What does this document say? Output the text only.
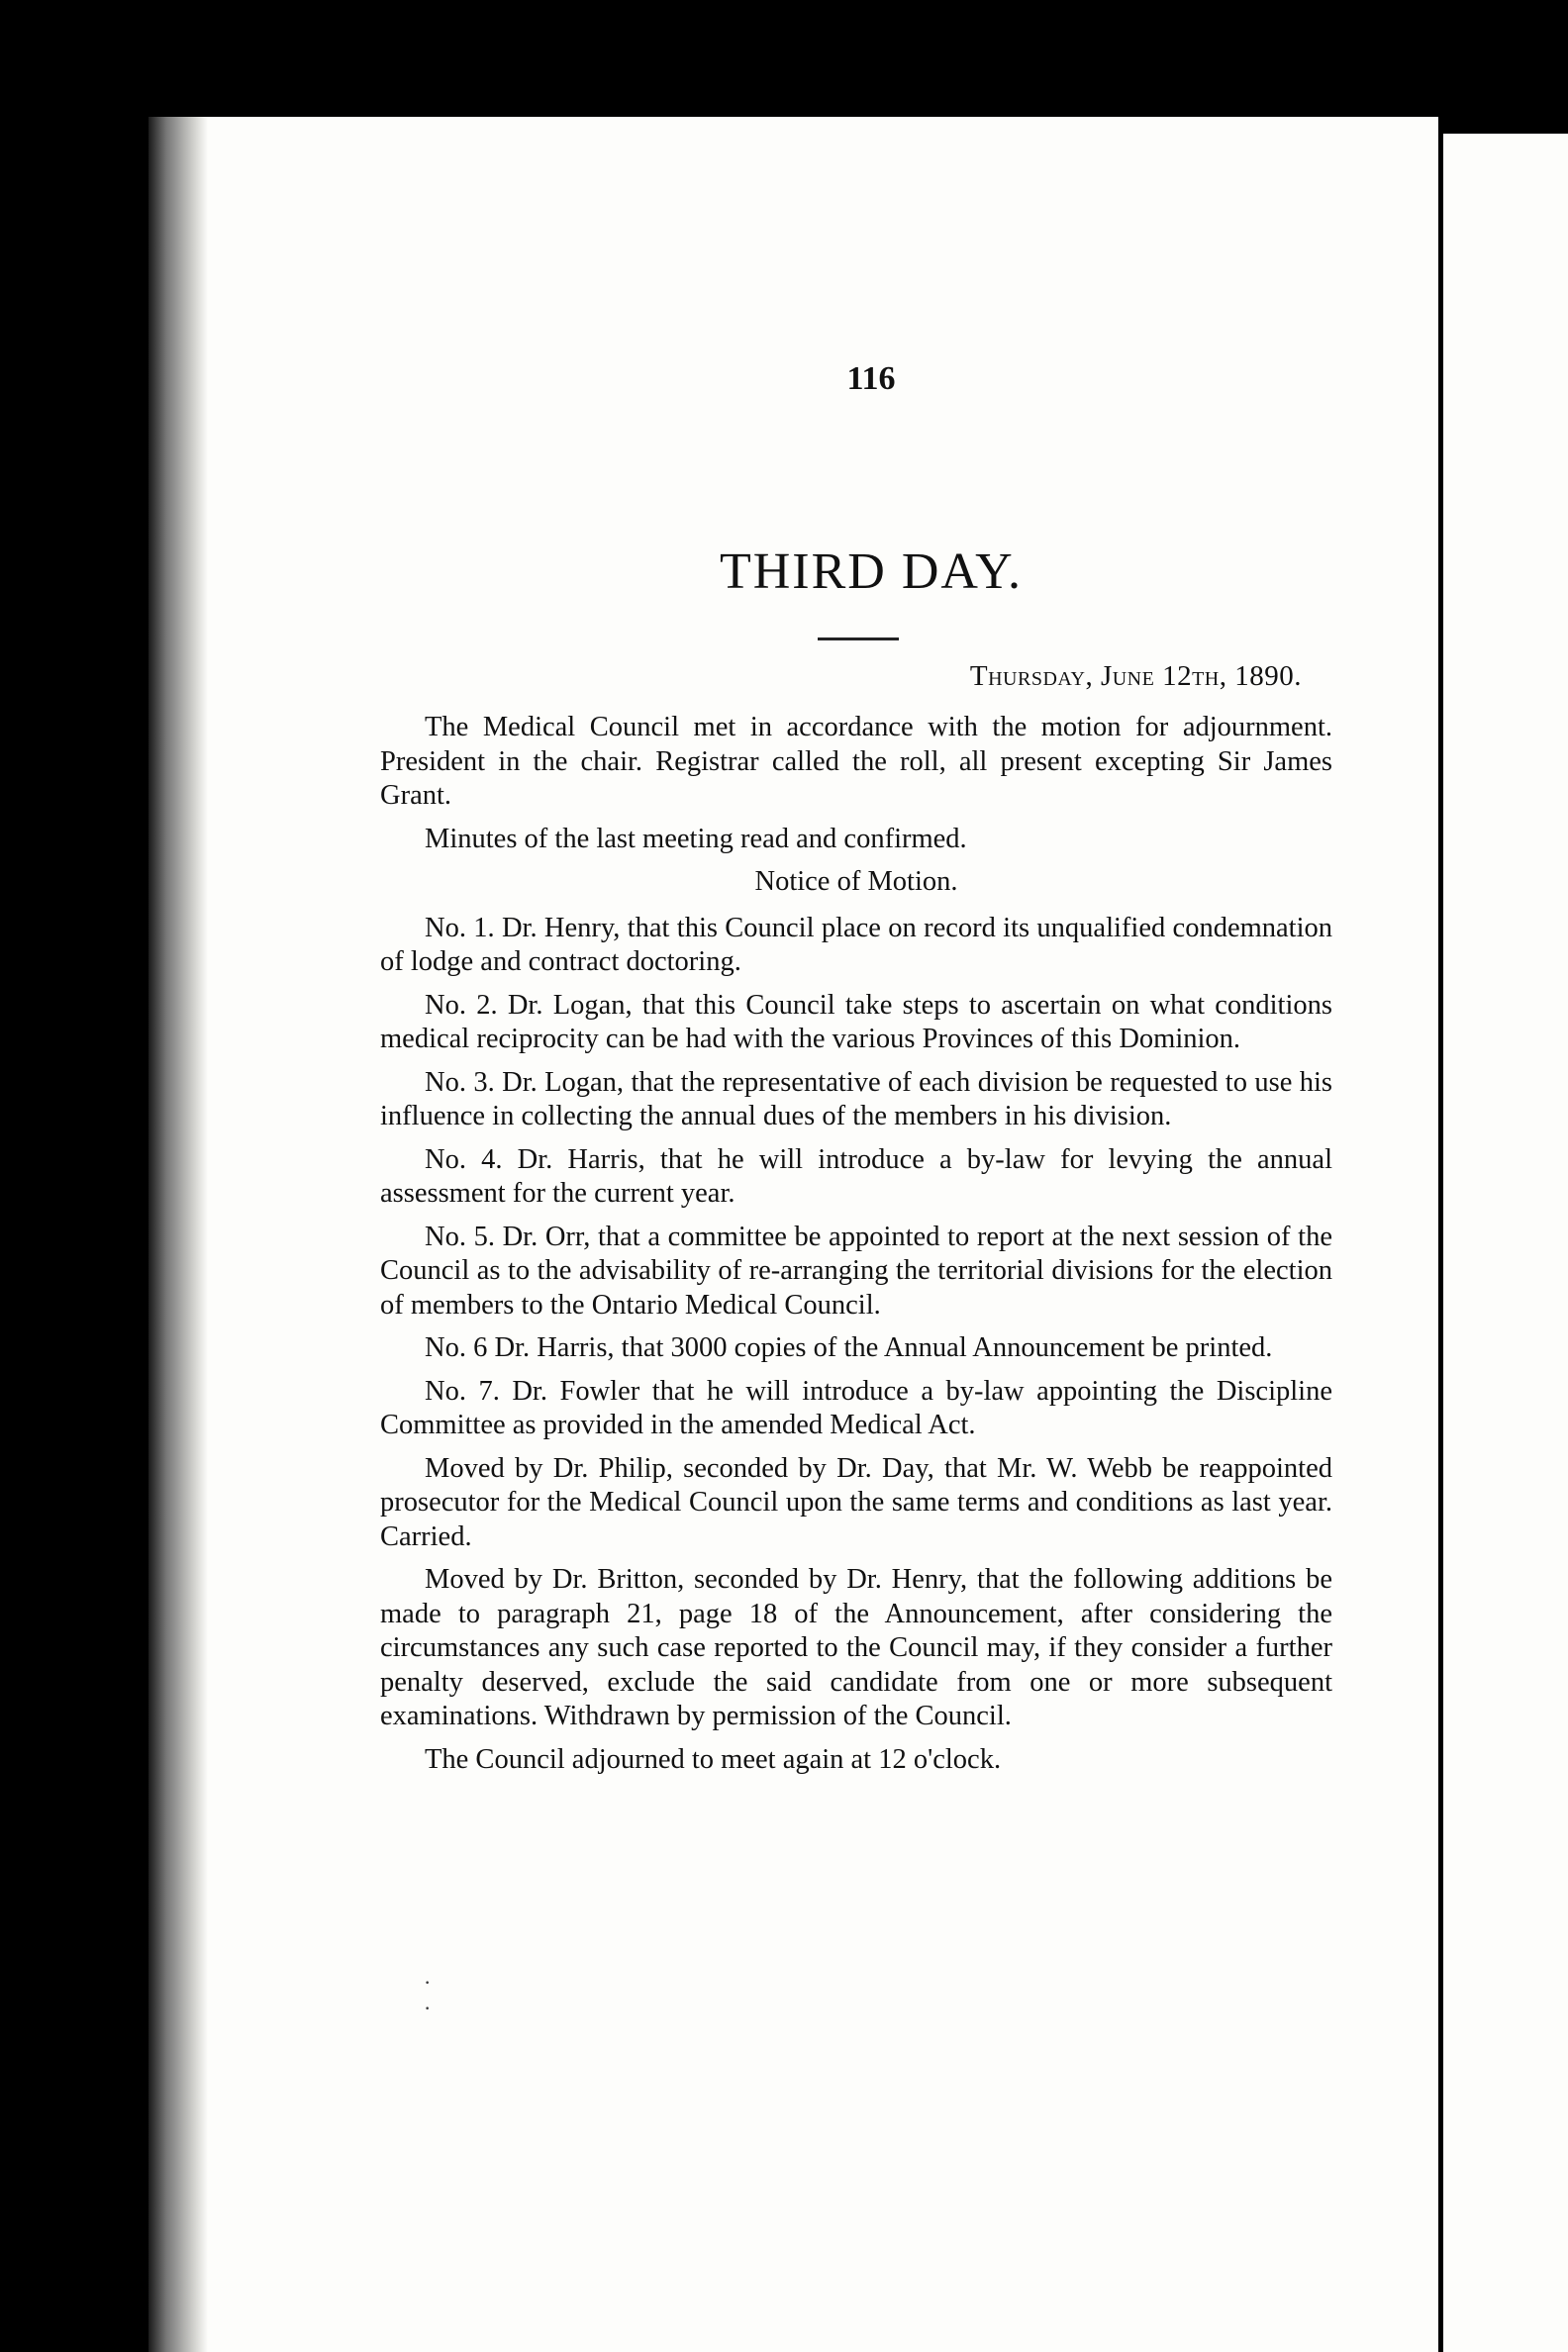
116
THIRD DAY.
Thursday, June 12th, 1890.

The Medical Council met in accordance with the motion for adjournment. President in the chair. Registrar called the roll, all present excepting Sir James Grant.

Minutes of the last meeting read and confirmed.

Notice of Motion.

No. 1. Dr. Henry, that this Council place on record its unqualified condemnation of lodge and contract doctoring.

No. 2. Dr. Logan, that this Council take steps to ascertain on what conditions medical reciprocity can be had with the various Provinces of this Dominion.

No. 3. Dr. Logan, that the representative of each division be requested to use his influence in collecting the annual dues of the members in his division.

No. 4. Dr. Harris, that he will introduce a by-law for levying the annual assessment for the current year.

No. 5. Dr. Orr, that a committee be appointed to report at the next session of the Council as to the advisability of re-arranging the territorial divisions for the election of members to the Ontario Medical Council.

No. 6 Dr. Harris, that 3000 copies of the Annual Announcement be printed.

No. 7. Dr. Fowler that he will introduce a by-law appointing the Discipline Committee as provided in the amended Medical Act.

Moved by Dr. Philip, seconded by Dr. Day, that Mr. W. Webb be reappointed prosecutor for the Medical Council upon the same terms and conditions as last year. Carried.

Moved by Dr. Britton, seconded by Dr. Henry, that the following additions be made to paragraph 21, page 18 of the Announcement, after considering the circumstances any such case reported to the Council may, if they consider a further penalty deserved, exclude the said candidate from one or more subsequent examinations. Withdrawn by permission of the Council.

The Council adjourned to meet again at 12 o'clock.

·
·
